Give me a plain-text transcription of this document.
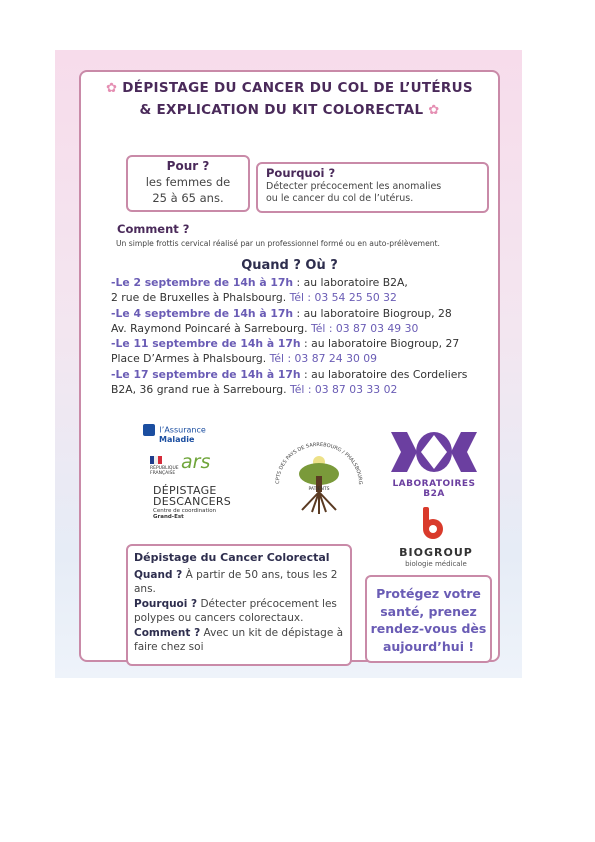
✿ DÉPISTAGE DU CANCER DU COL DE L’UTÉRUS
& EXPLICATION DU KIT COLORECTAL ✿
Pour ?
les femmes de
25 à 65 ans.
Pourquoi ?
Détecter précocement les anomalies
ou le cancer du col de l’utérus.
Comment ?
Un simple frottis cervical réalisé par un professionnel formé ou en auto-prélèvement.
Quand ? Où ?
-Le 2 septembre de 14h à 17h : au laboratoire B2A,
2 rue de Bruxelles à Phalsbourg. Tél : 03 54 25 50 32
-Le 4 septembre de 14h à 17h : au laboratoire Biogroup, 28
Av. Raymond Poincaré à Sarrebourg. Tél : 03 87 03 49 30
-Le 11 septembre de 14h à 17h : au laboratoire Biogroup, 27
Place D’Armes à Phalsbourg. Tél : 03 87 24 30 09
-Le 17 septembre de 14h à 17h : au laboratoire des Cordeliers
B2A, 36 grand rue à Sarrebourg. Tél : 03 87 03 33 02
l’Assurance
Maladie
RÉPUBLIQUE FRANÇAISE
ars
DÉPISTAGE
DESCANCERS
Centre de coordination
Grand-Est
CPTS DES PAYS DE SARREBOURG / PHALSBOURG
PATIENTS
LABORATOIRES B2A
BIOGROUP
biologie médicale
Dépistage du Cancer Colorectal
Quand ? À partir de 50 ans, tous les 2 ans.
Pourquoi ? Détecter précocement les polypes ou cancers colorectaux.
Comment ? Avec un kit de dépistage à faire chez soi
Protégez votre
santé, prenez
rendez-vous dès
aujourd’hui !
